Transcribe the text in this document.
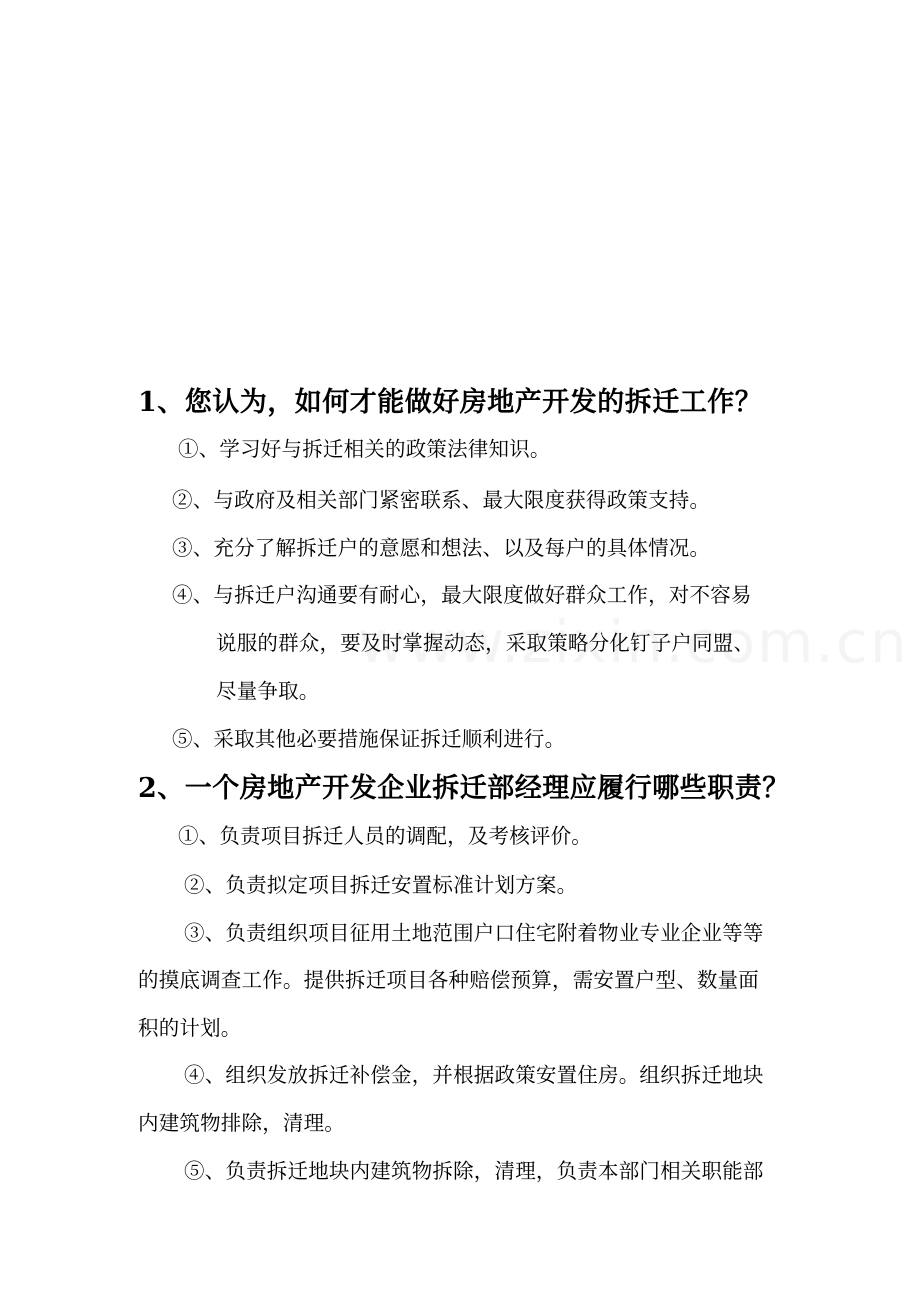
1、您认为，如何才能做好房地产开发的拆迁工作？
①、学习好与拆迁相关的政策法律知识。
②、与政府及相关部门紧密联系、最大限度获得政策支持。
③、充分了解拆迁户的意愿和想法、以及每户的具体情况。
④、与拆迁户沟通要有耐心，最大限度做好群众工作，对不容易
说服的群众，要及时掌握动态，采取策略分化钉子户同盟、
尽量争取。
⑤、采取其他必要措施保证拆迁顺利进行。
2、一个房地产开发企业拆迁部经理应履行哪些职责？
①、负责项目拆迁人员的调配，及考核评价。
②、负责拟定项目拆迁安置标准计划方案。
③、负责组织项目征用土地范围户口住宅附着物业专业企业等等
的摸底调查工作。提供拆迁项目各种赔偿预算，需安置户型、数量面
积的计划。
④、组织发放拆迁补偿金，并根据政策安置住房。组织拆迁地块
内建筑物排除，清理。
⑤、负责拆迁地块内建筑物拆除，清理，负责本部门相关职能部
